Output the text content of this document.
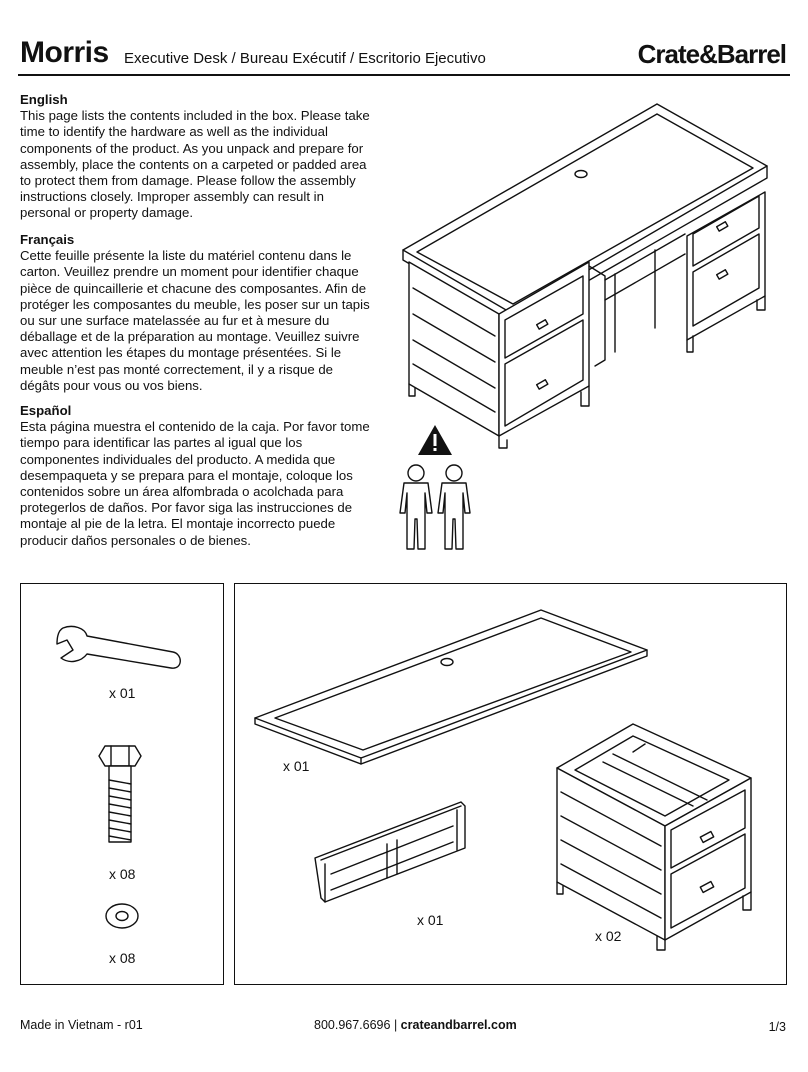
Morris Executive Desk / Bureau Exécutif / Escritorio Ejecutivo	Crate&Barrel
English

This page lists the contents included in the box. Please take time to identify the hardware as well as the individual components of the product. As you unpack and prepare for assembly, place the contents on a carpeted or padded area to protect them from damage. Please follow the assembly instructions closely. Improper assembly can result in personal or property damage.

Français

Cette feuille présente la liste du matériel contenu dans le carton. Veuillez prendre un moment pour identifier chaque pièce de quincaillerie et chacune des composantes. Afin de protéger les composantes du meuble, les poser sur un tapis ou sur une surface matelassée au fur et à mesure du déballage et de la préparation au montage. Veuillez suivre avec attention les étapes du montage présentées. Si le meuble n’est pas monté correctement, il y a risque de dégâts pour vous ou vos biens.

Español

Esta página muestra el contenido de la caja. Por favor tome tiempo para identificar las partes al igual que los componentes individuales del producto. A medida que desempaqueta y se prepara para el montaje, coloque los contenidos sobre un área alfombrada o acolchada para protegerlos de daños. Por favor siga las instrucciones de montaje al pie de la letra. El montaje incorrecto puede producir daños personales o de bienes.

x 01
x 08
x 08
x 01
x 01
x 02
Made in Vietnam - r01	800.967.6696 | crateandbarrel.com	1/3
